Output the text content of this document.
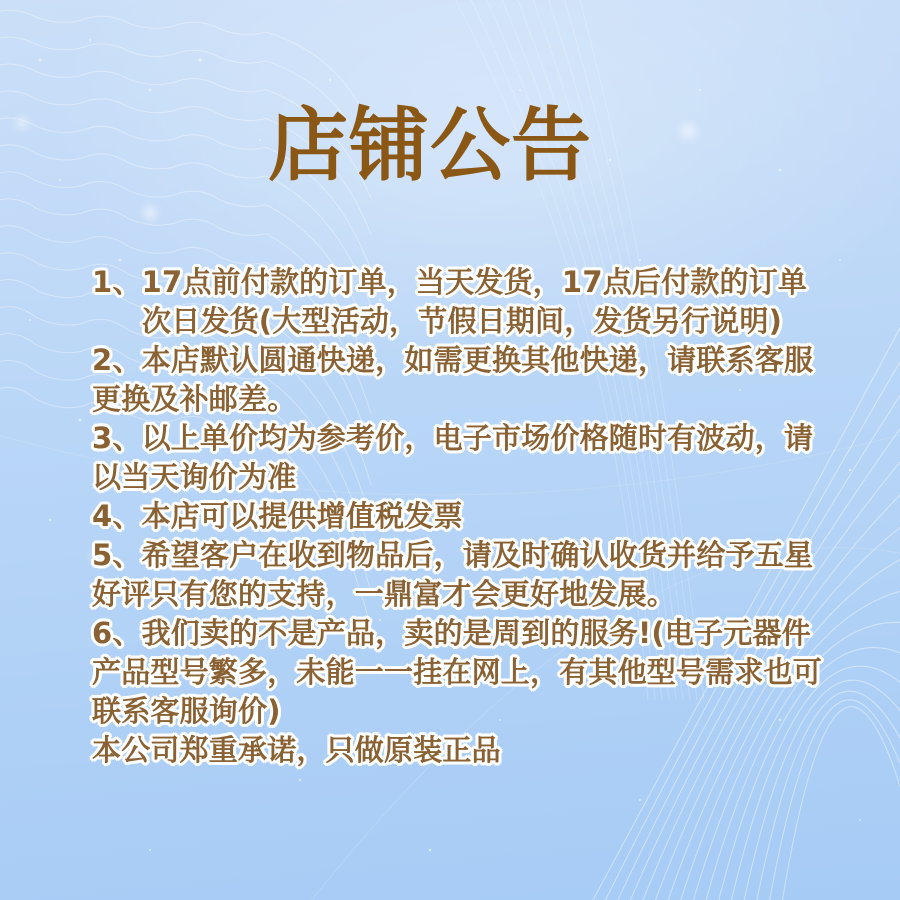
店铺公告
1、17点前付款的订单，当天发货，17点后付款的订单
次日发货(大型活动，节假日期间，发货另行说明)
2、本店默认圆通快递，如需更换其他快递，请联系客服
更换及补邮差。
3、以上单价均为参考价，电子市场价格随时有波动，请
以当天询价为准
4、本店可以提供增值税发票
5、希望客户在收到物品后，请及时确认收货并给予五星
好评只有您的支持，一鼎富才会更好地发展。
6、我们卖的不是产品，卖的是周到的服务!(电子元器件
产品型号繁多，未能一一挂在网上，有其他型号需求也可
联系客服询价)
本公司郑重承诺，只做原装正品
